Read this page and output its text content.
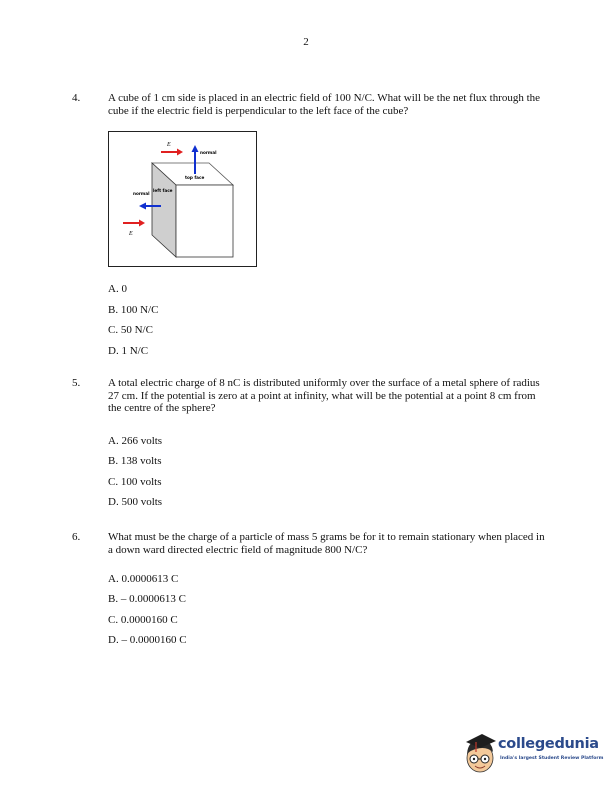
2
4.	A cube of 1 cm side is placed in an electric field of 100 N/C. What will be the net flux through the cube if the electric field is perpendicular to the left face of the cube?
E
normal
top face
left face
normal
E
A. 0
B. 100 N/C
C. 50 N/C
D. 1 N/C
5.	A total electric charge of 8 nC is distributed uniformly over the surface of a metal sphere of radius 27 cm. If the potential is zero at a point at infinity, what will be the potential at a point 8 cm from the centre of the sphere?
A. 266 volts
B. 138 volts
C. 100 volts
D. 500 volts
6.	What must be the charge of a particle of mass 5 grams be for it to remain stationary when placed in a down ward directed electric field of magnitude 800 N/C?
A. 0.0000613 C
B. – 0.0000613 C
C. 0.0000160 C
D. – 0.0000160 C
collegedunia
India's largest Student Review Platform
